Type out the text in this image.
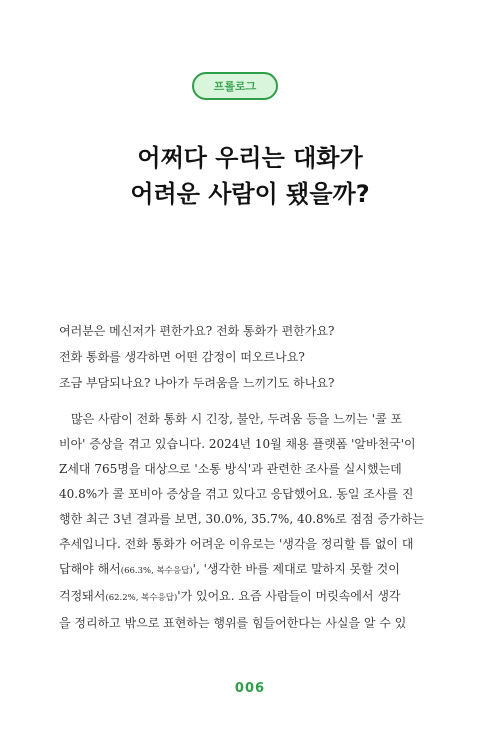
프롤로그
어쩌다 우리는 대화가
어려운 사람이 됐을까?

여러분은 메신저가 편한가요? 전화 통화가 편한가요?

전화 통화를 생각하면 어떤 감정이 떠오르나요?

조금 부담되나요? 나아가 두려움을 느끼기도 하나요?

많은 사람이 전화 통화 시 긴장, 불안, 두려움 등을 느끼는 '콜 포

비아' 증상을 겪고 있습니다. 2024년 10월 채용 플랫폼 '알바천국'이

Z세대 765명을 대상으로 '소통 방식'과 관련한 조사를 실시했는데

40.8%가 콜 포비아 증상을 겪고 있다고 응답했어요. 동일 조사를 진

행한 최근 3년 결과를 보면, 30.0%, 35.7%, 40.8%로 점점 증가하는

추세입니다. 전화 통화가 어려운 이유로는 '생각을 정리할 틈 없이 대

답해야 해서(66.3%, 복수응답)', '생각한 바를 제대로 말하지 못할 것이

걱정돼서(62.2%, 복수응답)'가 있어요. 요즘 사람들이 머릿속에서 생각

을 정리하고 밖으로 표현하는 행위를 힘들어한다는 사실을 알 수 있

006
